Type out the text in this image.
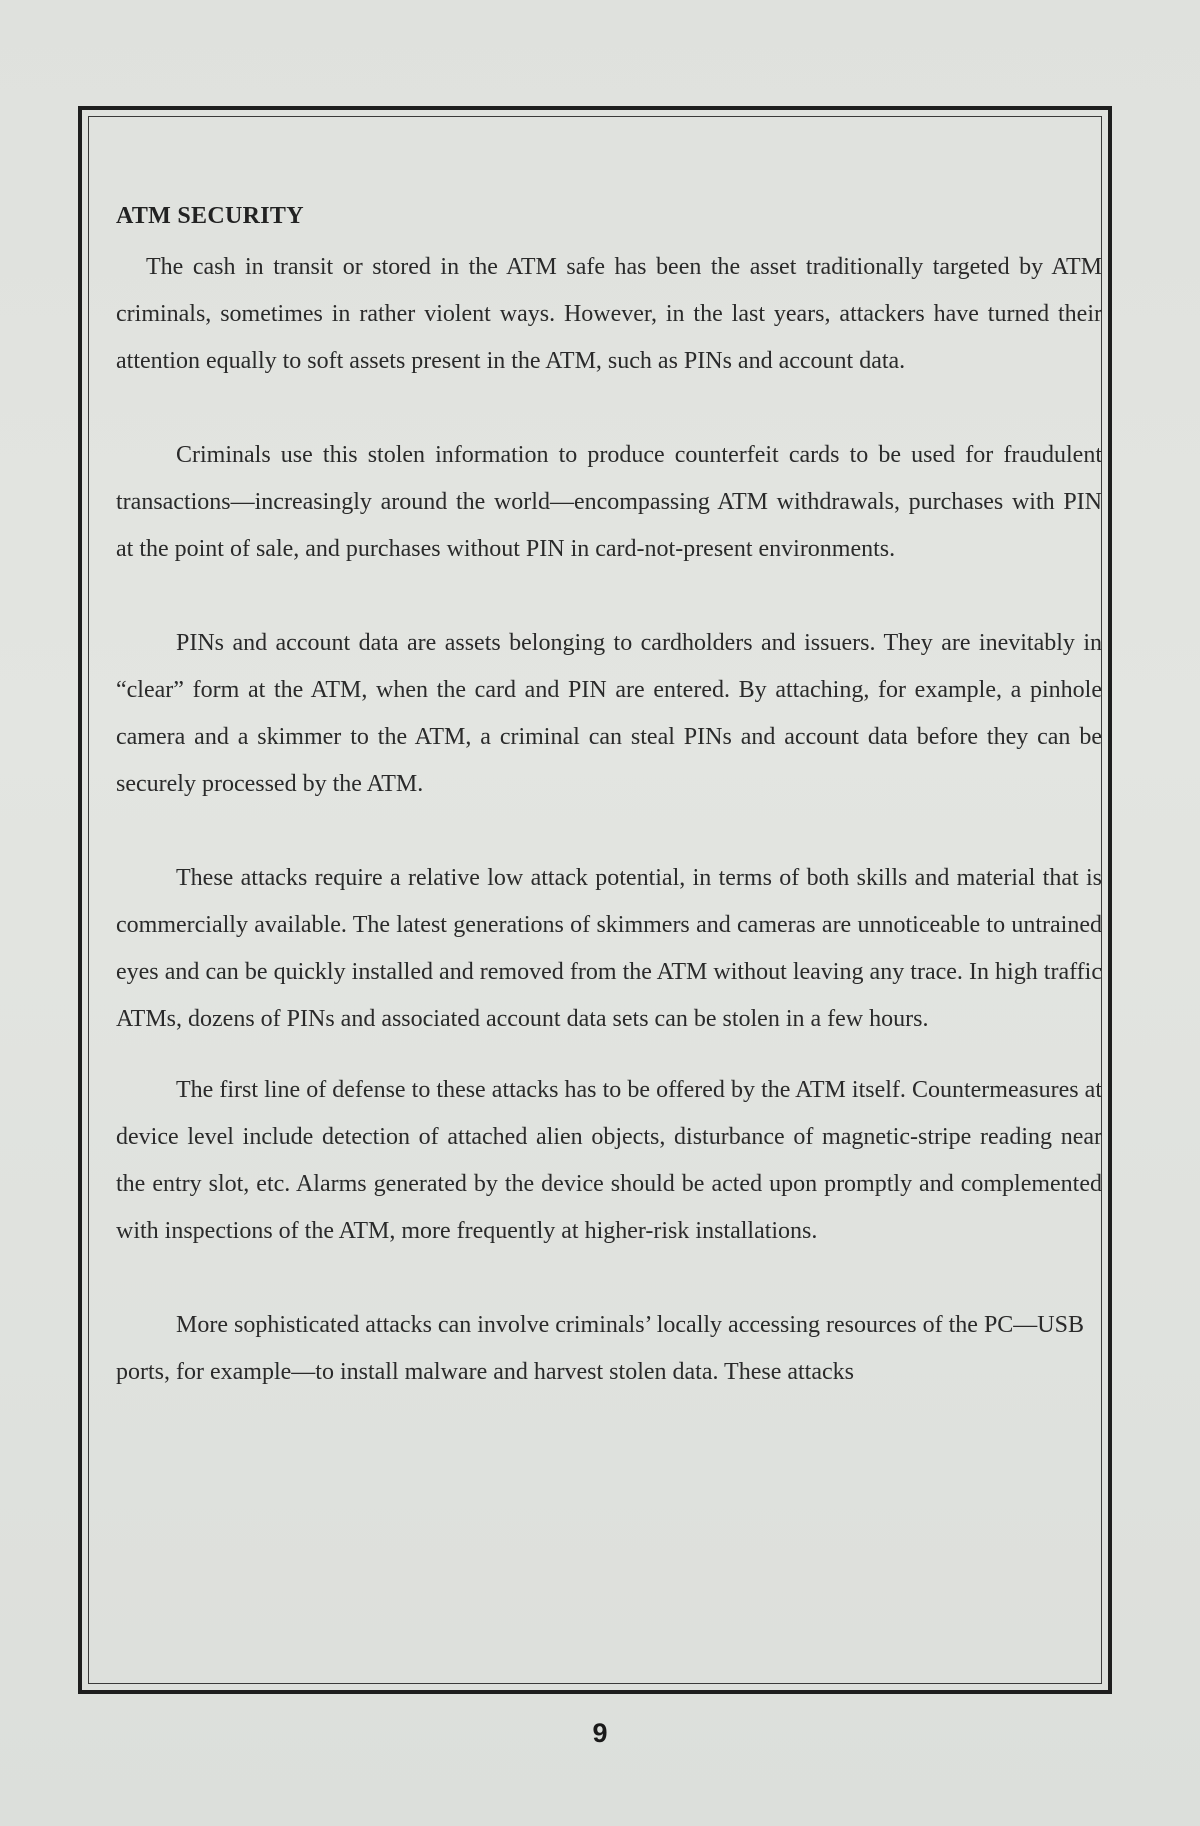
ATM SECURITY

The cash in transit or stored in the ATM safe has been the asset traditionally targeted by ATM criminals, sometimes in rather violent ways. However, in the last years, attackers have turned their attention equally to soft assets present in the ATM, such as PINs and account data.

Criminals use this stolen information to produce counterfeit cards to be used for fraudulent transactions—increasingly around the world—encompassing ATM withdrawals, purchases with PIN at the point of sale, and purchases without PIN in card-not-present environments.

PINs and account data are assets belonging to cardholders and issuers. They are inevitably in “clear” form at the ATM, when the card and PIN are entered. By attaching, for example, a pinhole camera and a skimmer to the ATM, a criminal can steal PINs and account data before they can be securely processed by the ATM.

These attacks require a relative low attack potential, in terms of both skills and material that is commercially available. The latest generations of skimmers and cameras are unnoticeable to untrained eyes and can be quickly installed and removed from the ATM without leaving any trace. In high traffic ATMs, dozens of PINs and associated account data sets can be stolen in a few hours.

The first line of defense to these attacks has to be offered by the ATM itself. Countermeasures at device level include detection of attached alien objects, disturbance of magnetic-stripe reading near the entry slot, etc. Alarms generated by the device should be acted upon promptly and complemented with inspections of the ATM, more frequently at higher-risk installations.

More sophisticated attacks can involve criminals’ locally accessing resources of the PC—USB ports, for example—to install malware and harvest stolen data. These attacks

9
